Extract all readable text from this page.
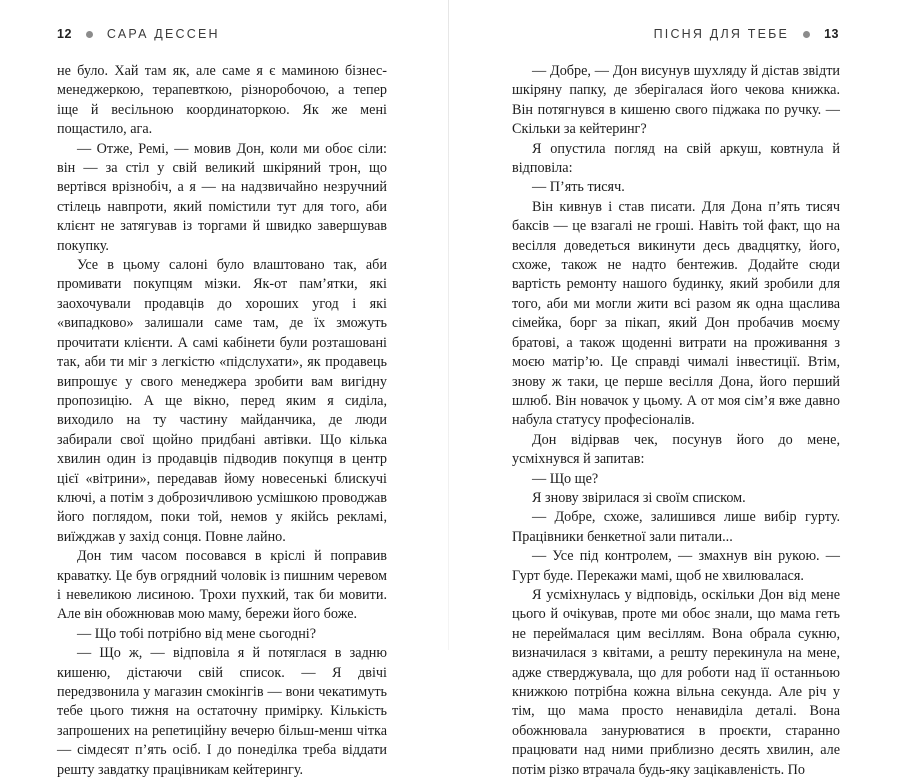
12	САРА ДЕССЕН

не було. Хай там як, але саме я є маминою бізнес-менеджеркою, терапевткою, різноробочою, а тепер іще й весільною координаторкою. Як же мені пощастило, ага.

— Отже, Ремі, — мовив Дон, коли ми обоє сіли: він — за стіл у свій великий шкіряний трон, що вертівся врізнобіч, а я — на надзвичайно незручний стілець навпроти, який помістили тут для того, аби клієнт не затягував із торгами й швидко завершував покупку.

Усе в цьому салоні було влаштовано так, аби промивати покупцям мізки. Як-от пам’ятки, які заохочували продавців до хороших угод і які «випадково» залишали саме там, де їх зможуть прочитати клієнти. А самі кабінети були розташовані так, аби ти міг з легкістю «підслухати», як продавець випрошує у свого менеджера зробити вам вигідну пропозицію. А ще вікно, перед яким я сиділа, виходило на ту частину майданчика, де люди забирали свої щойно придбані автівки. Що кілька хвилин один із продавців підводив покупця в центр цієї «вітрини», передавав йому новесенькі блискучі ключі, а потім з доброзичливою усмішкою проводжав його поглядом, поки той, немов у якійсь рекламі, виїжджав у захід сонця. Повне лайно.

Дон тим часом посовався в кріслі й поправив краватку. Це був огрядний чоловік із пишним черевом і невеликою лисиною. Трохи пухкий, так би мовити. Але він обожнював мою маму, бережи його боже.

— Що тобі потрібно від мене сьогодні?

— Що ж, — відповіла я й потяглася в задню кишеню, дістаючи свій список. — Я двічі передзвонила у магазин смокінгів — вони чекатимуть тебе цього тижня на остаточну примірку. Кількість запрошених на репетиційну вечерю більш-менш чітка — сімдесят п’ять осіб. І до понеділка треба віддати решту завдатку працівникам кейтерингу.

ПІСНЯ ДЛЯ ТЕБЕ	13

— Добре, — Дон висунув шухляду й дістав звідти шкіряну папку, де зберігалася його чекова книжка. Він потягнувся в кишеню свого піджака по ручку. — Скільки за кейтеринг?

Я опустила погляд на свій аркуш, ковтнула й відповіла:

— П’ять тисяч.

Він кивнув і став писати. Для Дона п’ять тисяч баксів — це взагалі не гроші. Навіть той факт, що на весілля доведеться викинути десь двадцятку, його, схоже, також не надто бентежив. Додайте сюди вартість ремонту нашого будинку, який зробили для того, аби ми могли жити всі разом як одна щаслива сімейка, борг за пікап, який Дон пробачив моєму братові, а також щоденні витрати на проживання з моєю матір’ю. Це справді чималі інвестиції. Втім, знову ж таки, це перше весілля Дона, його перший шлюб. Він новачок у цьому. А от моя сім’я вже давно набула статусу професіоналів.

Дон відірвав чек, посунув його до мене, усміхнувся й запитав:

— Що ще?

Я знову звірилася зі своїм списком.

— Добре, схоже, залишився лише вибір гурту. Працівники бенкетної зали питали...

— Усе під контролем, — змахнув він рукою. — Гурт буде. Перекажи мамі, щоб не хвилювалася.

Я усміхнулась у відповідь, оскільки Дон від мене цього й очікував, проте ми обоє знали, що мама геть не переймалася цим весіллям. Вона обрала сукню, визначилася з квітами, а решту перекинула на мене, адже стверджувала, що для роботи над її останньою книжкою потрібна кожна вільна секунда. Але річ у тім, що мама просто ненавиділа деталі. Вона обожнювала занурюватися в проєкти, старанно працювати над ними приблизно десять хвилин, але потім різко втрачала будь-яку зацікавленість. По
